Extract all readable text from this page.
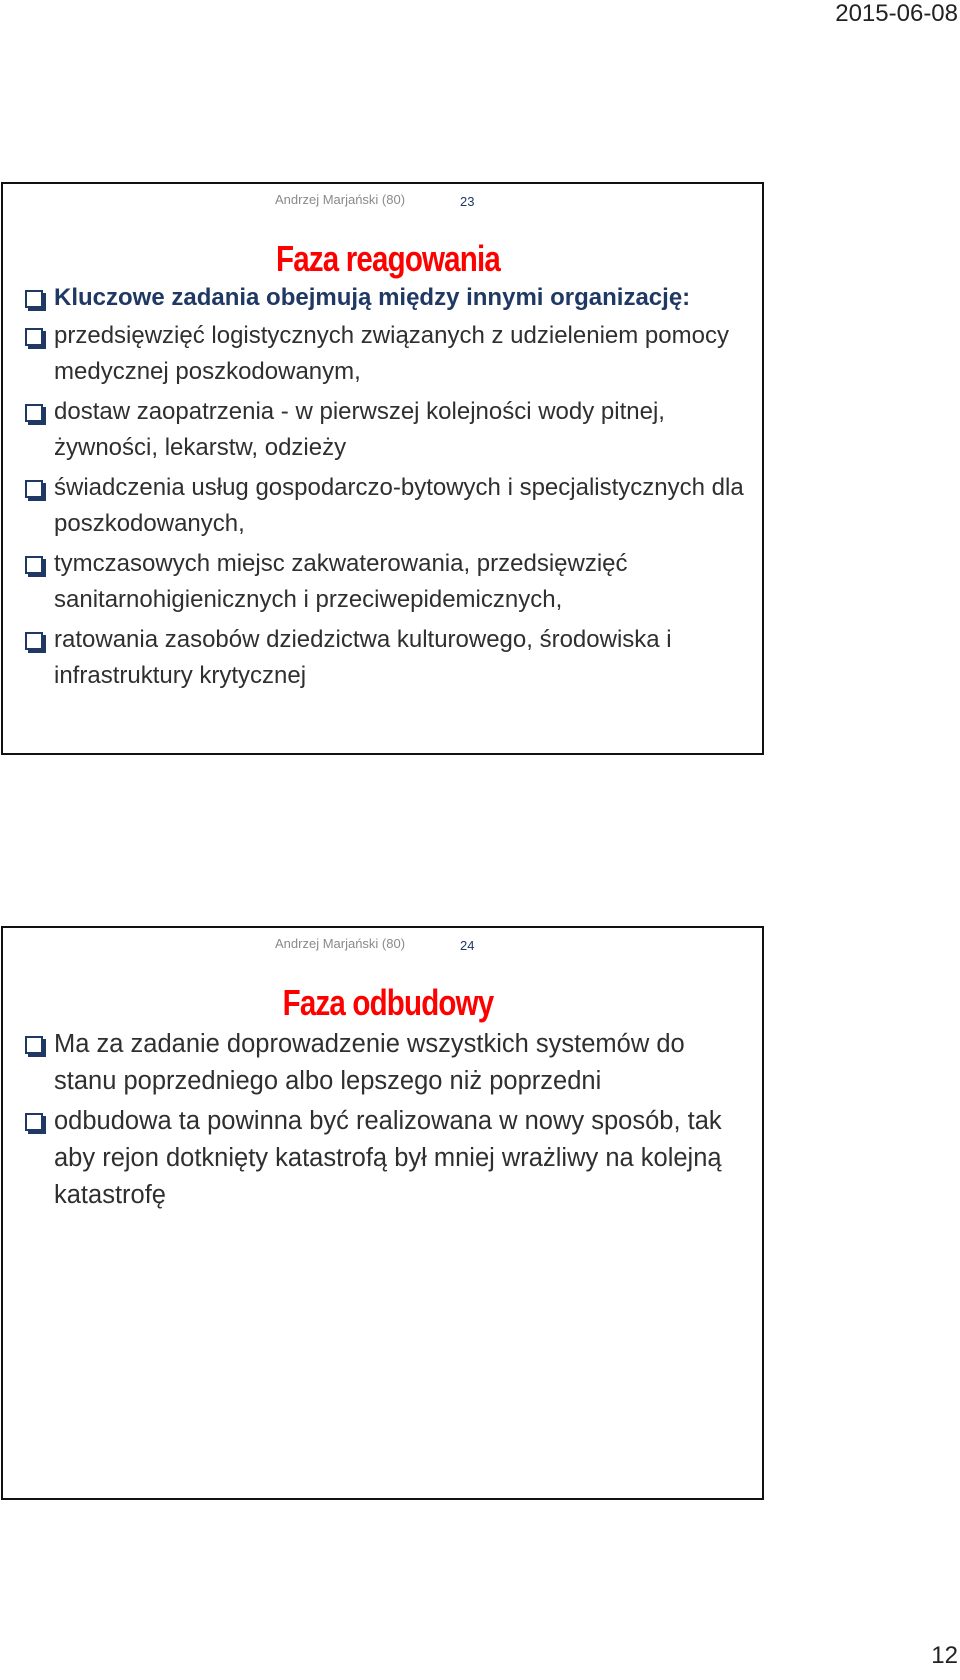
2015-06-08
Andrzej Marjański (80)	23
Faza reagowania
Kluczowe zadania obejmują między innymi organizację:
przedsięwzięć logistycznych związanych z udzieleniem pomocy medycznej poszkodowanym,
dostaw zaopatrzenia - w pierwszej kolejności wody pitnej, żywności, lekarstw, odzieży
świadczenia usług gospodarczo-bytowych i specjalistycznych dla poszkodowanych,
tymczasowych miejsc zakwaterowania, przedsięwzięć sanitarnohigienicznych i przeciwepidemicznych,
ratowania zasobów dziedzictwa kulturowego, środowiska i infrastruktury krytycznej
Andrzej Marjański (80)	24
Faza odbudowy
Ma za zadanie doprowadzenie wszystkich systemów do stanu poprzedniego albo lepszego niż poprzedni
odbudowa ta powinna być realizowana w nowy sposób, tak aby rejon dotknięty katastrofą był mniej wrażliwy na kolejną katastrofę
12
